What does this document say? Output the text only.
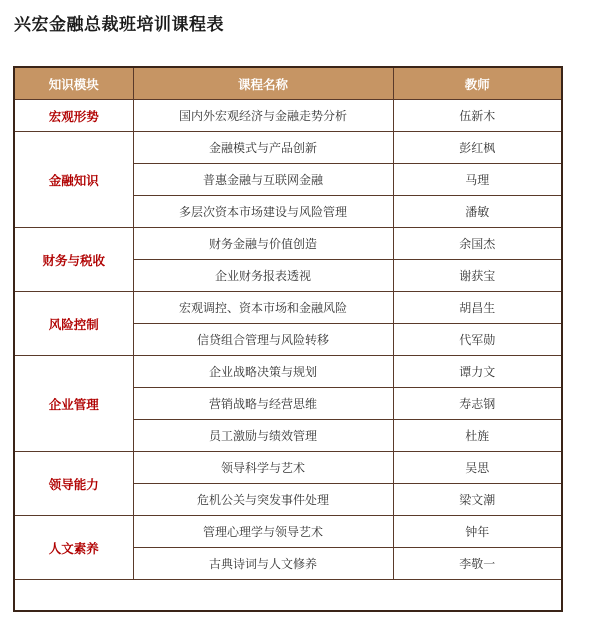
兴宏金融总裁班培训课程表
知识模块	课程名称	教师
宏观形势	国内外宏观经济与金融走势分析	伍新木
金融知识	金融模式与产品创新	彭红枫
	普惠金融与互联网金融	马理
	多层次资本市场建设与风险管理	潘敏
财务与税收	财务金融与价值创造	余国杰
	企业财务报表透视	谢获宝
风险控制	宏观调控、资本市场和金融风险	胡昌生
	信贷组合管理与风险转移	代军勋
企业管理	企业战略决策与规划	谭力文
	营销战略与经营思维	寿志钢
	员工激励与绩效管理	杜旌
领导能力	领导科学与艺术	吴思
	危机公关与突发事件处理	梁文潮
人文素养	管理心理学与领导艺术	钟年
	古典诗词与人文修养	李敬一
